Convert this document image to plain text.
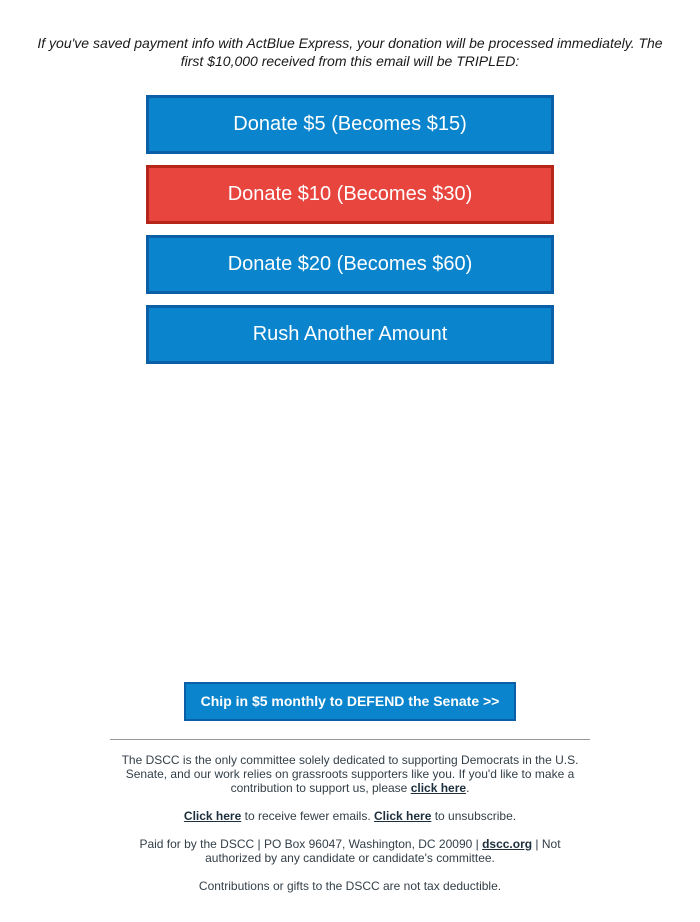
If you've saved payment info with ActBlue Express, your donation will be processed immediately. The first $10,000 received from this email will be TRIPLED:
Donate $5 (Becomes $15)
Donate $10 (Becomes $30)
Donate $20 (Becomes $60)
Rush Another Amount
Chip in $5 monthly to DEFEND the Senate >>
The DSCC is the only committee solely dedicated to supporting Democrats in the U.S. Senate, and our work relies on grassroots supporters like you. If you'd like to make a contribution to support us, please click here.
Click here to receive fewer emails. Click here to unsubscribe.
Paid for by the DSCC | PO Box 96047, Washington, DC 20090 | dscc.org | Not authorized by any candidate or candidate's committee.
Contributions or gifts to the DSCC are not tax deductible.
